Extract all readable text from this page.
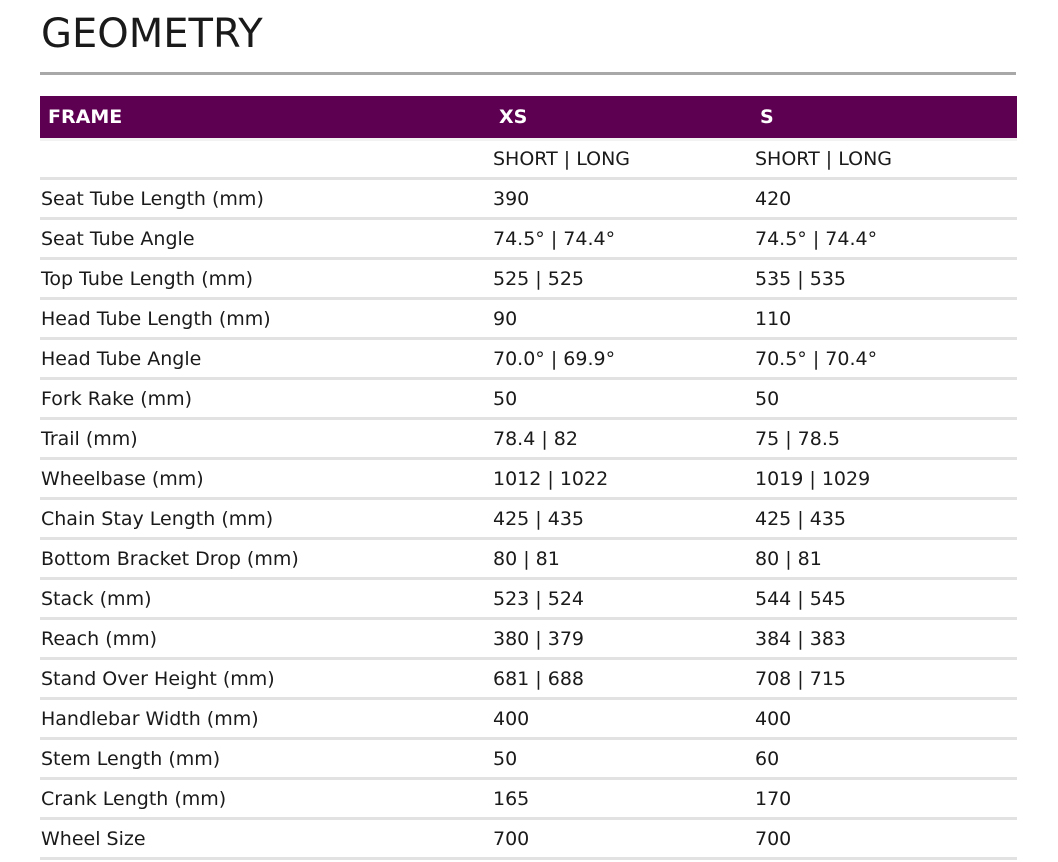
GEOMETRY
FRAME	XS	S
	SHORT | LONG	SHORT | LONG
Seat Tube Length (mm)	390	420
Seat Tube Angle	74.5° | 74.4°	74.5° | 74.4°
Top Tube Length (mm)	525 | 525	535 | 535
Head Tube Length (mm)	90	110
Head Tube Angle	70.0° | 69.9°	70.5° | 70.4°
Fork Rake (mm)	50	50
Trail (mm)	78.4 | 82	75 | 78.5
Wheelbase (mm)	1012 | 1022	1019 | 1029
Chain Stay Length (mm)	425 | 435	425 | 435
Bottom Bracket Drop (mm)	80 | 81	80 | 81
Stack (mm)	523 | 524	544 | 545
Reach (mm)	380 | 379	384 | 383
Stand Over Height (mm)	681 | 688	708 | 715
Handlebar Width (mm)	400	400
Stem Length (mm)	50	60
Crank Length (mm)	165	170
Wheel Size	700	700
